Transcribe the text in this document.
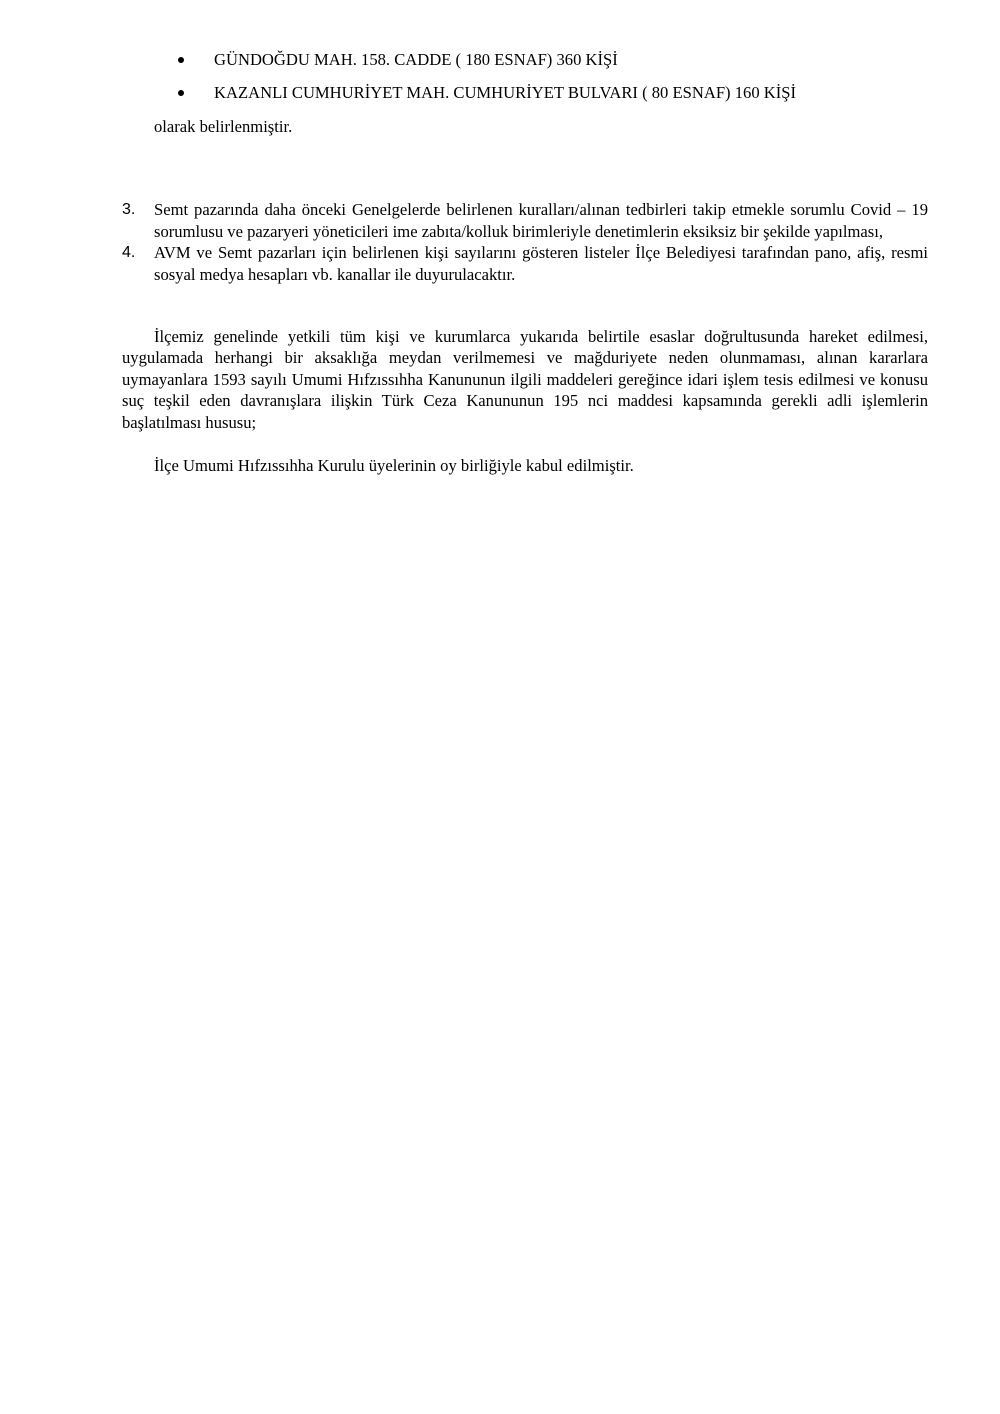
GÜNDOĞDU MAH. 158. CADDE ( 180 ESNAF) 360 KİŞİ
KAZANLI CUMHURİYET MAH. CUMHURİYET BULVARI ( 80 ESNAF) 160 KİŞİ
olarak belirlenmiştir.
3. Semt pazarında daha önceki Genelgelerde belirlenen kuralları/alınan tedbirleri takip etmekle sorumlu Covid – 19 sorumlusu ve pazaryeri yöneticileri ime zabıta/kolluk birimleriyle denetimlerin eksiksiz bir şekilde yapılması,
4. AVM ve Semt pazarları için belirlenen kişi sayılarını gösteren listeler İlçe Belediyesi tarafından pano, afiş, resmi sosyal medya hesapları vb. kanallar ile duyurulacaktır.

İlçemiz genelinde yetkili tüm kişi ve kurumlarca yukarıda belirtile esaslar doğrultusunda hareket edilmesi, uygulamada herhangi bir aksaklığa meydan verilmemesi ve mağduriyete neden olunmaması, alınan kararlara uymayanlara 1593 sayılı Umumi Hıfzıssıhha Kanununun ilgili maddeleri gereğince idari işlem tesis edilmesi ve konusu suç teşkil eden davranışlara ilişkin Türk Ceza Kanununun 195 nci maddesi kapsamında gerekli adli işlemlerin başlatılması hususu;

İlçe Umumi Hıfzıssıhha Kurulu üyelerinin oy birliğiyle kabul edilmiştir.
